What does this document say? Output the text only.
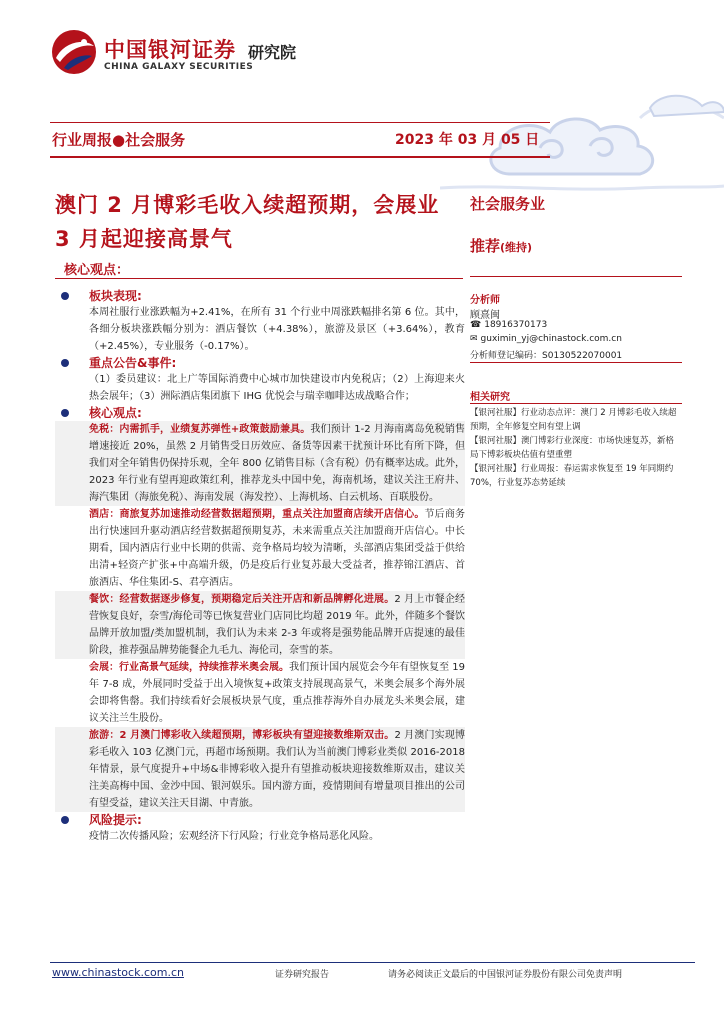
中国银河证券
CHINA GALAXY SECURITIES
研究院
行业周报●社会服务	2023 年 03 月 05 日
澳门 2 月博彩毛收入续超预期，会展业 3 月起迎接高景气
社会服务业
推荐(维持)
核心观点：
板块表现:
本周社服行业涨跌幅为+2.41%，在所有 31 个行业中周涨跌幅排名第 6 位。其中，各细分板块涨跌幅分别为：酒店餐饮（+4.38%），旅游及景区（+3.64%），教育（+2.45%），专业服务（-0.17%）。
重点公告&事件:
（1）委员建议：北上广等国际消费中心城市加快建设市内免税店；（2）上海迎来火热会展年；（3）洲际酒店集团旗下 IHG 优悦会与瑞幸咖啡达成战略合作；
核心观点:
免税：内需抓手，业绩复苏弹性+政策鼓励兼具。我们预计 1-2 月海南离岛免税销售增速接近 20%，虽然 2 月销售受日历效应、备货等因素干扰预计环比有所下降，但我们对全年销售仍保持乐观，全年 800 亿销售目标（含有税）仍有概率达成。此外，2023 年行业有望再迎政策红利，推荐龙头中国中免，海南机场，建议关注王府井、海汽集团（海旅免税）、海南发展（海发控）、上海机场、白云机场、百联股份。
酒店：商旅复苏加速推动经营数据超预期，重点关注加盟商店续开店信心。节后商务出行快速回升驱动酒店经营数据超预期复苏，未来需重点关注加盟商开店信心。中长期看，国内酒店行业中长期的供需、竞争格局均较为清晰，头部酒店集团受益于供给出清+轻资产扩张+中高端升级，仍是疫后行业复苏最大受益者，推荐锦江酒店、首旅酒店、华住集团-S、君亭酒店。
餐饮：经营数据逐步修复，预期稳定后关注开店和新品牌孵化进展。2 月上市餐企经营恢复良好，奈雪/海伦司等已恢复营业门店同比均超 2019 年。此外，伴随多个餐饮品牌开放加盟/类加盟机制，我们认为未来 2-3 年或将是强势能品牌开店提速的最佳阶段，推荐强品牌势能餐企九毛九、海伦司，奈雪的茶。
会展：行业高景气延续，持续推荐米奥会展。我们预计国内展览会今年有望恢复至 19 年 7-8 成，外展同时受益于出入境恢复+政策支持展现高景气，米奥会展多个海外展会即将售罄。我们持续看好会展板块景气度，重点推荐海外自办展龙头米奥会展，建议关注兰生股份。
旅游：2 月澳门博彩收入续超预期，博彩板块有望迎接数维斯双击。2 月澳门实现博彩毛收入 103 亿澳门元，再超市场预期。我们认为当前澳门博彩业类似 2016-2018 年情景，景气度提升+中场&非博彩收入提升有望推动板块迎接数维斯双击，建议关注美高梅中国、金沙中国、银河娱乐。国内游方面，疫情期间有增量项目推出的公司有望受益，建议关注天目湖、中青旅。
风险提示:
疫情二次传播风险；宏观经济下行风险；行业竞争格局恶化风险。
分析师
顾熹闽
☎ 18916370173
✉ guximin_yj@chinastock.com.cn
分析师登记编码：S0130522070001
相关研究
【银河社服】行业动态点评：澳门 2 月博彩毛收入续超预期，全年修复空间有望上调
【银河社服】澳门博彩行业深度：市场快速复苏，新格局下博彩板块估值有望重塑
【银河社服】行业周报：春运需求恢复至 19 年同期约 70%，行业复苏态势延续
www.chinastock.com.cn	证券研究报告	请务必阅读正文最后的中国银河证券股份有限公司免责声明
